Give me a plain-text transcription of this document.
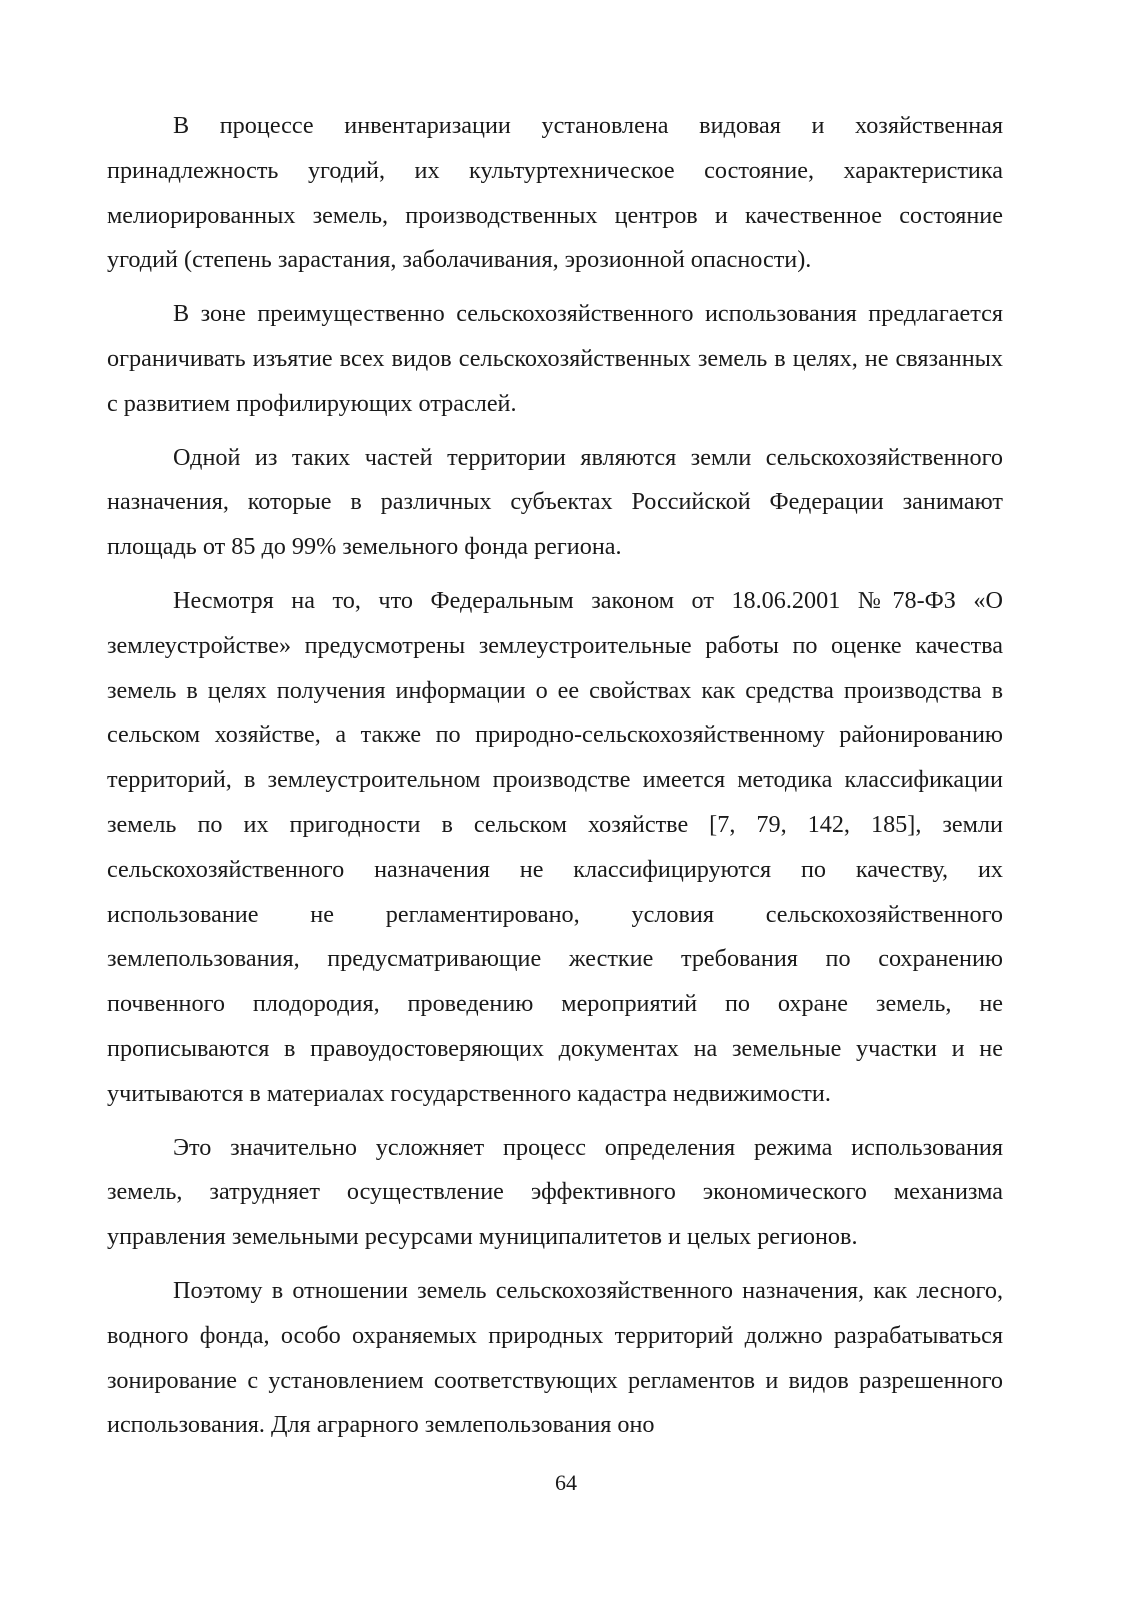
В процессе инвентаризации установлена видовая и хозяйственная принадлежность угодий, их культуртехническое состояние, характеристика мелиорированных земель, производственных центров и качественное состояние угодий (степень зарастания, заболачивания, эрозионной опасности).

В зоне преимущественно сельскохозяйственного использования предлагается ограничивать изъятие всех видов сельскохозяйственных земель в целях, не связанных с развитием профилирующих отраслей.

Одной из таких частей территории являются земли сельскохозяйственного назначения, которые в различных субъектах Российской Федерации занимают площадь от 85 до 99% земельного фонда региона.

Несмотря на то, что Федеральным законом от 18.06.2001 №78-ФЗ «О землеустройстве» предусмотрены землеустроительные работы по оценке качества земель в целях получения информации о ее свойствах как средства производства в сельском хозяйстве, а также по природно-сельскохозяйственному районированию территорий, в землеустроительном производстве имеется методика классификации земель по их пригодности в сельском хозяйстве [7, 79, 142, 185], земли сельскохозяйственного назначения не классифицируются по качеству, их использование не регламентировано, условия сельскохозяйственного землепользования, предусматривающие жесткие требования по сохранению почвенного плодородия, проведению мероприятий по охране земель, не прописываются в правоудостоверяющих документах на земельные участки и не учитываются в материалах государственного кадастра недвижимости.

Это значительно усложняет процесс определения режима использования земель, затрудняет осуществление эффективного экономического механизма управления земельными ресурсами муниципалитетов и целых регионов.

Поэтому в отношении земель сельскохозяйственного назначения, как лесного, водного фонда, особо охраняемых природных территорий должно разрабатываться зонирование с установлением соответствующих регламентов и видов разрешенного использования. Для аграрного землепользования оно

64
